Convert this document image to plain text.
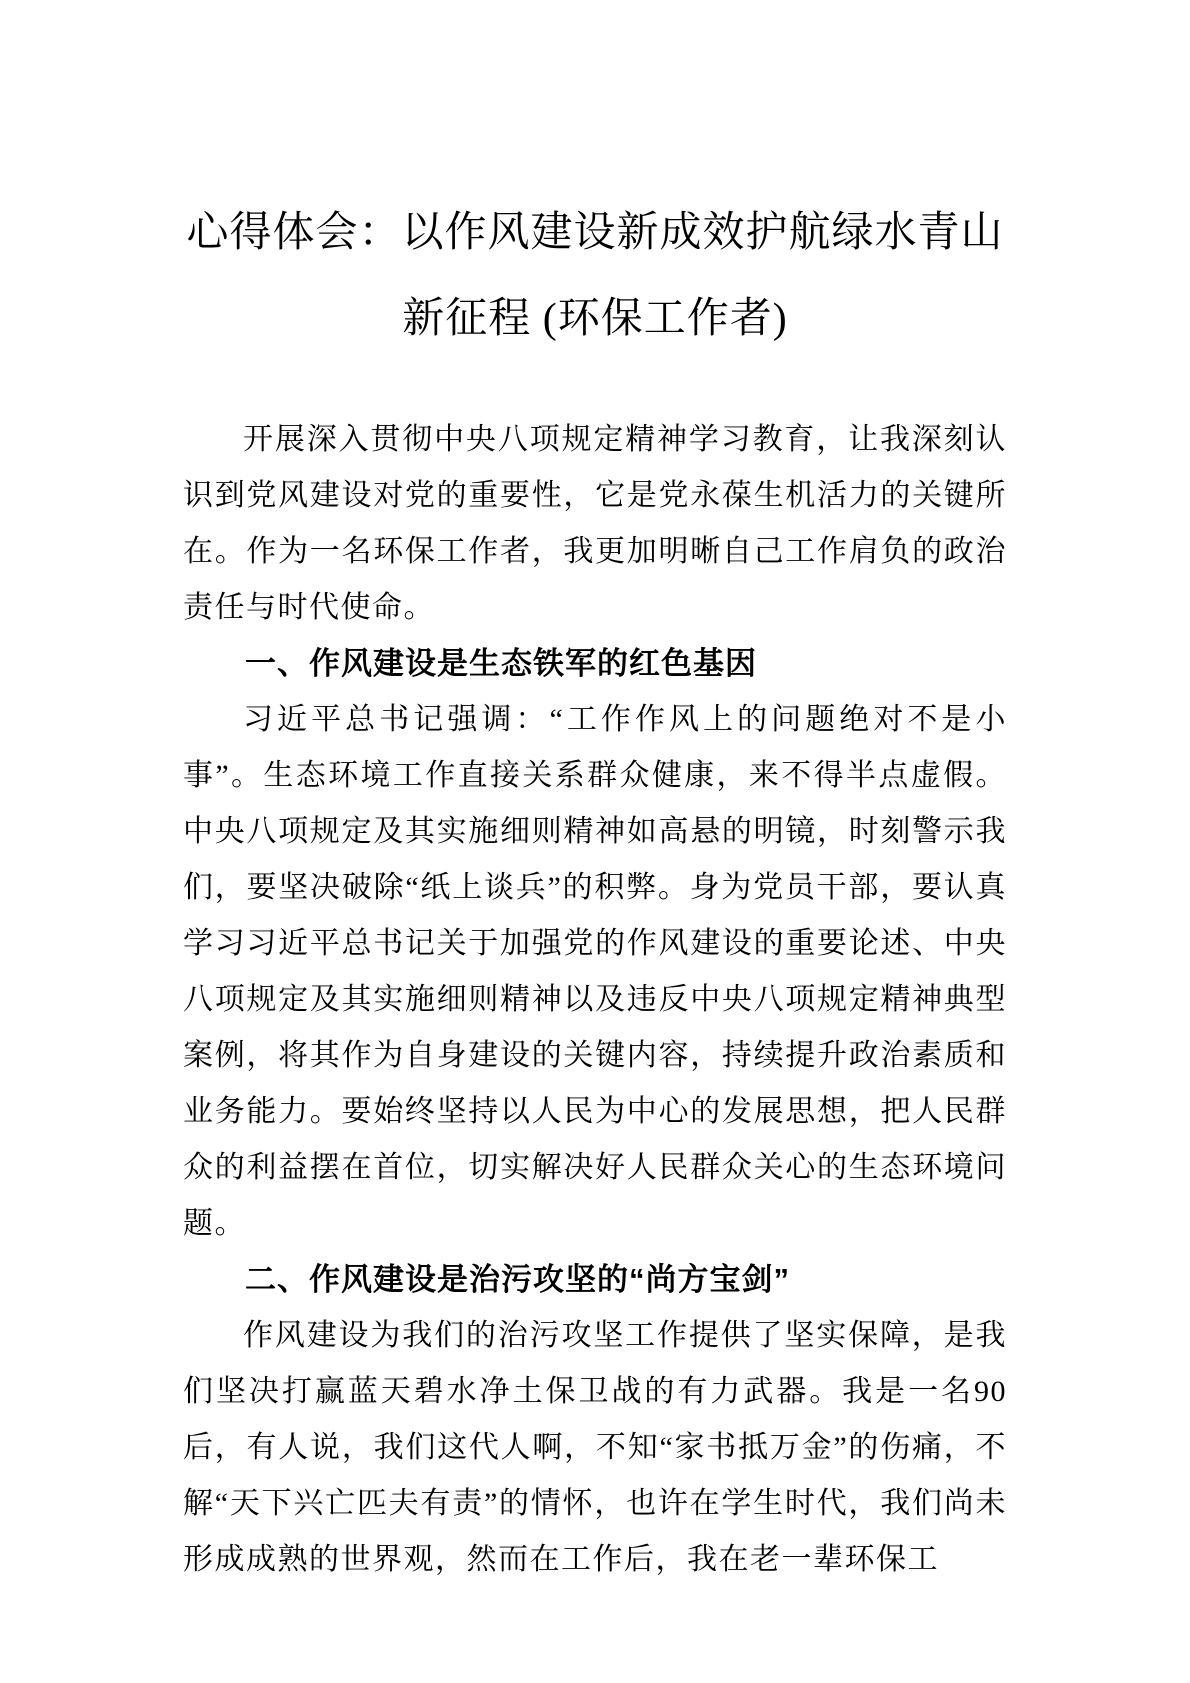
心得体会：以作风建设新成效护航绿水青山
新征程 (环保工作者)

开展深入贯彻中央八项规定精神学习教育，让我深刻认识到党风建设对党的重要性，它是党永葆生机活力的关键所在。作为一名环保工作者，我更加明晰自己工作肩负的政治责任与时代使命。

一、作风建设是生态铁军的红色基因

习近平总书记强调：“工作作风上的问题绝对不是小事”。生态环境工作直接关系群众健康，来不得半点虚假。中央八项规定及其实施细则精神如高悬的明镜，时刻警示我们，要坚决破除“纸上谈兵”的积弊。身为党员干部，要认真学习习近平总书记关于加强党的作风建设的重要论述、中央八项规定及其实施细则精神以及违反中央八项规定精神典型案例，将其作为自身建设的关键内容，持续提升政治素质和业务能力。要始终坚持以人民为中心的发展思想，把人民群众的利益摆在首位，切实解决好人民群众关心的生态环境问题。

二、作风建设是治污攻坚的“尚方宝剑”

作风建设为我们的治污攻坚工作提供了坚实保障，是我们坚决打赢蓝天碧水净土保卫战的有力武器。我是一名90后，有人说，我们这代人啊，不知“家书抵万金”的伤痛，不解“天下兴亡匹夫有责”的情怀，也许在学生时代，我们尚未形成成熟的世界观，然而在工作后，我在老一辈环保工
